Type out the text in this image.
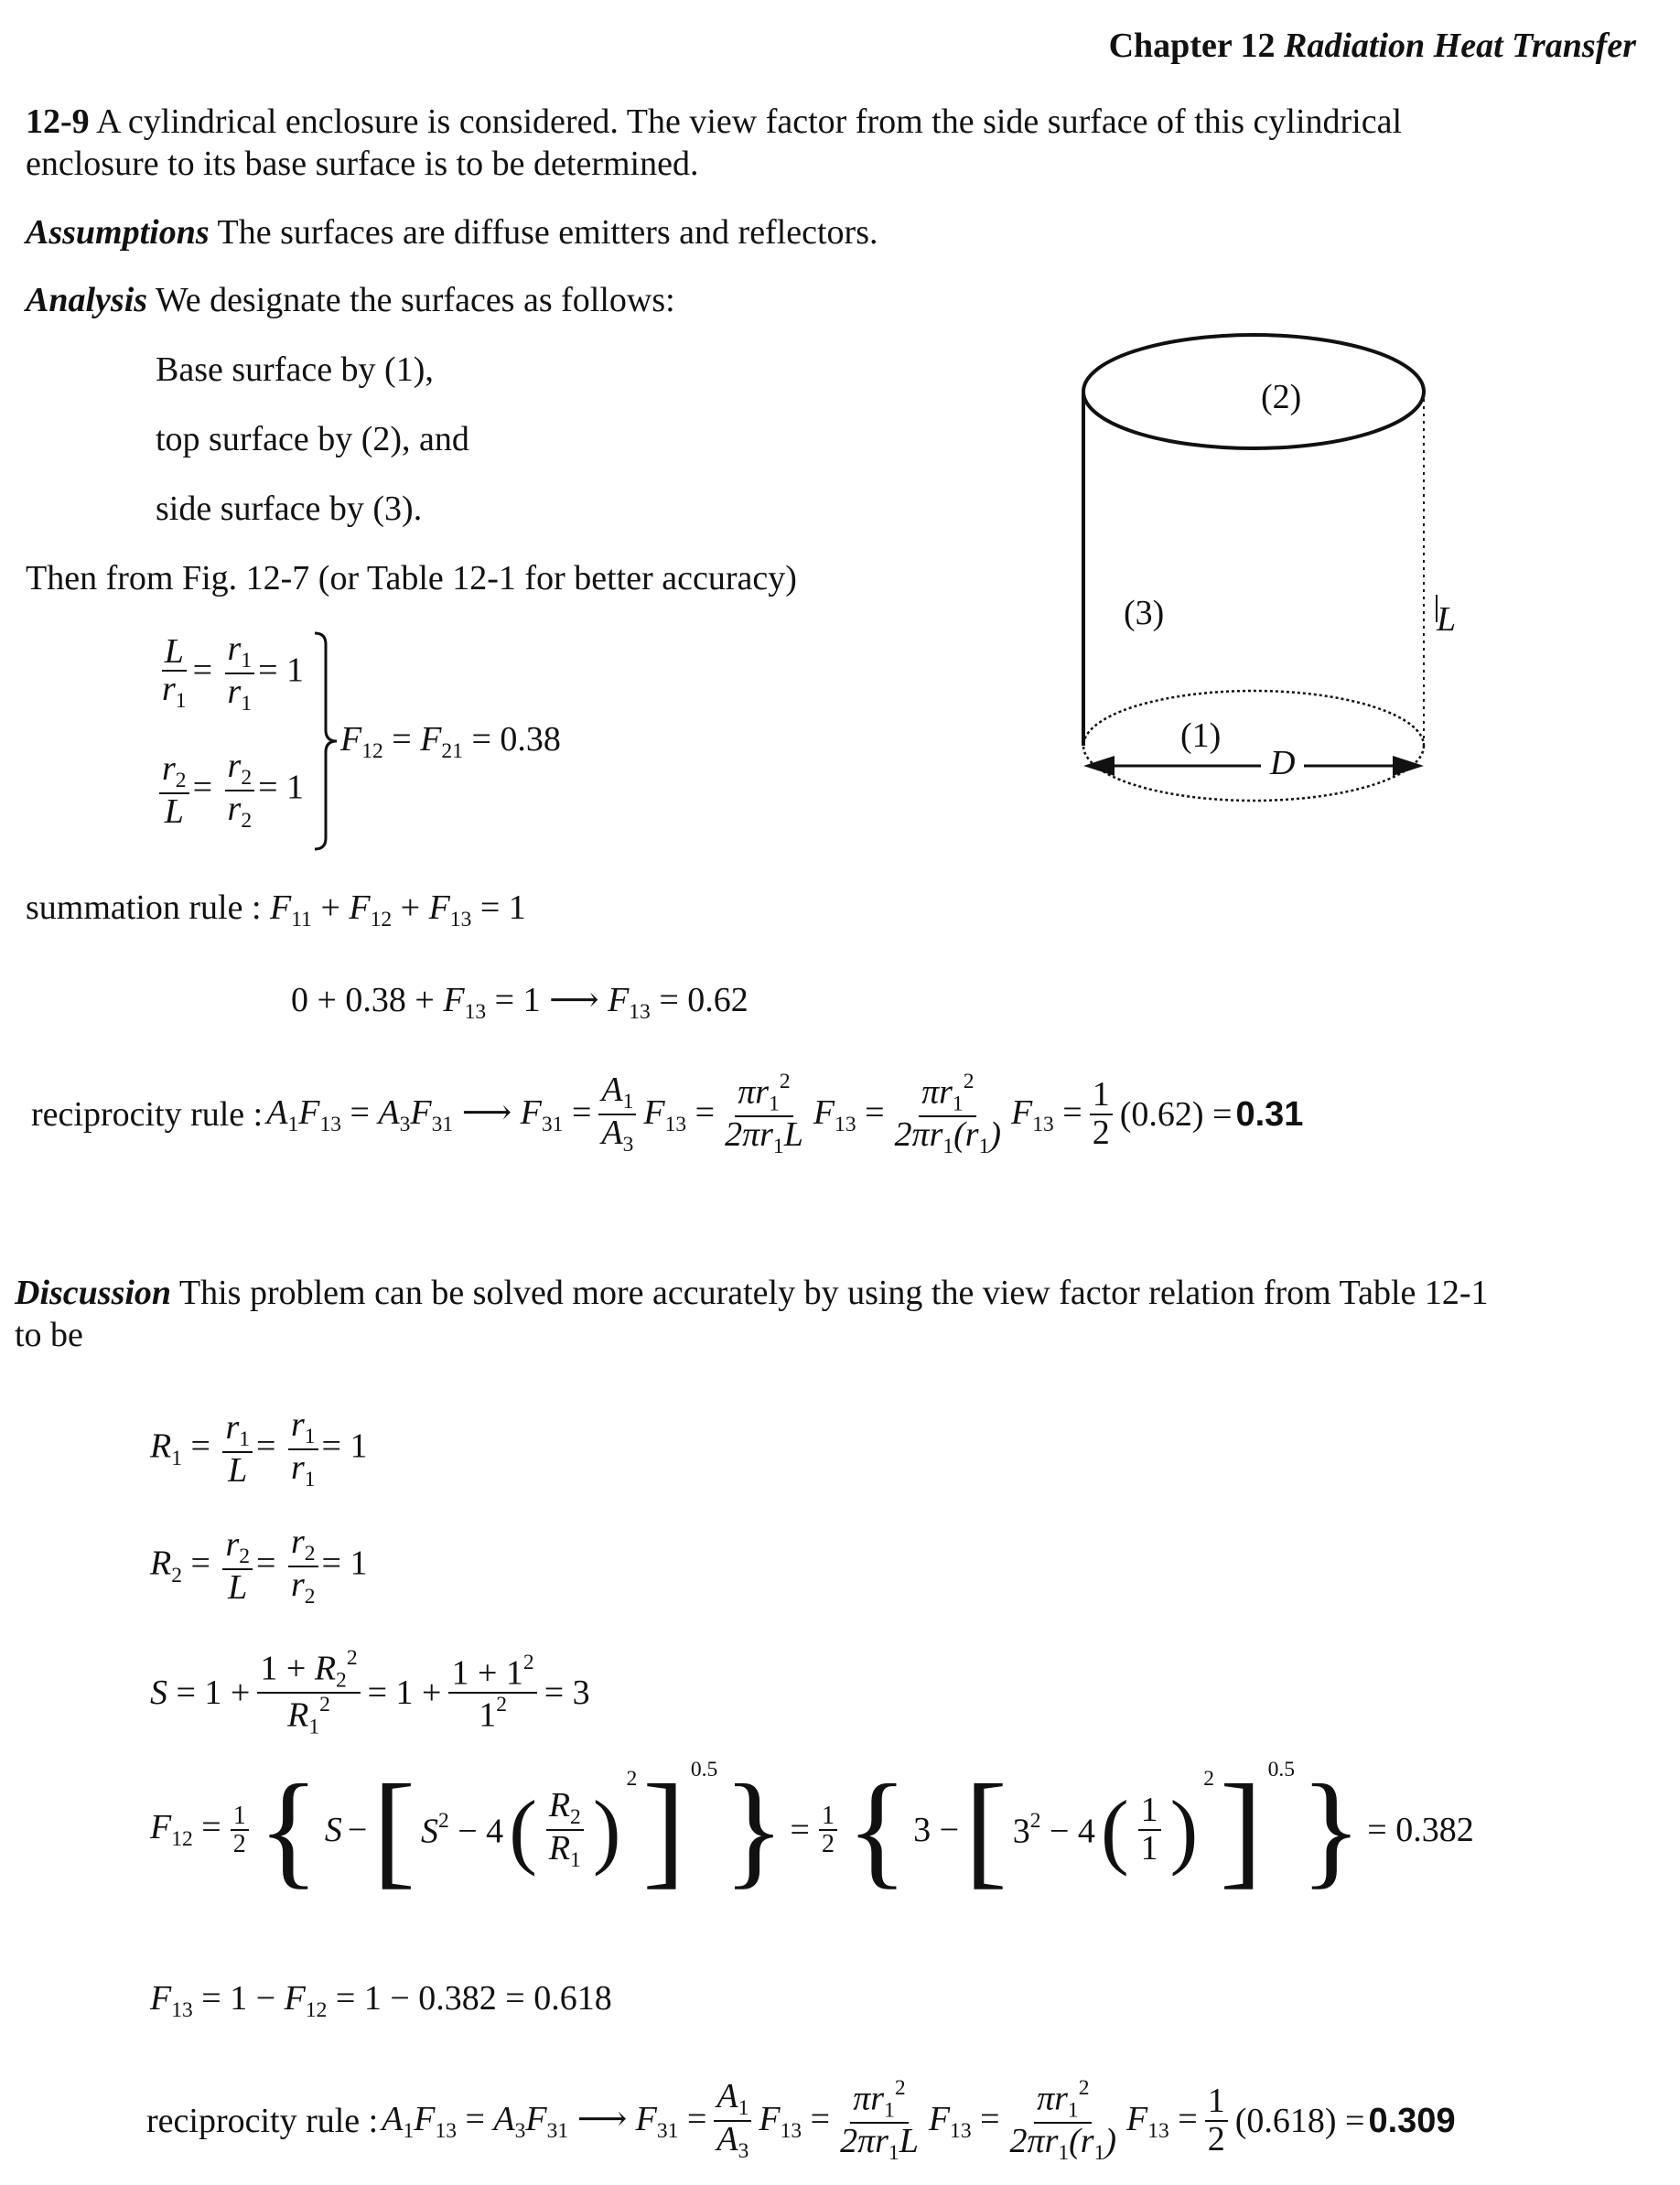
Chapter 12 Radiation Heat Transfer
12-9 A cylindrical enclosure is considered. The view factor from the side surface of this cylindrical
enclosure to its base surface is to be determined.
Assumptions The surfaces are diffuse emitters and reflectors.
Analysis We designate the surfaces as follows:
Base surface by (1),
top surface by (2), and
side surface by (3).
Then from Fig. 12-7 (or Table 12-1 for better accuracy)
(2)
(3)	L
(1)
D
$\frac{L}{r_1} = \frac{r_1}{r_1} = 1$
$\frac{r_2}{L} = \frac{r_2}{r_2} = 1$
$F_{12} = F_{21} = 0.38$
summation rule : $F_{11} + F_{12} + F_{13} = 1$
$0 + 0.38 + F_{13} = 1$ ⟶ $F_{13} = 0.62$
reciprocity rule : $A_1F_{13} = A_3F_{31}$ ⟶ $F_{31} = \frac{A_1}{A_3} F_{13} = \frac{\pi r_1^2}{2\pi r_1L} F_{13} = \frac{\pi r_1^2}{2\pi r_1(r_1)} F_{13} = \frac{1}{2} (0.62) = 0.31$
Discussion This problem can be solved more accurately by using the view factor relation from Table 12-1
to be
$R_1 = \frac{r_1}{L} = \frac{r_1}{r_1} = 1$
$R_2 = \frac{r_2}{L} = \frac{r_2}{r_2} = 1$
$S = 1 + \frac{1 + R_2^2}{R_1^2} = 1 + \frac{1 + 1^2}{1^2} = 3$
$F_{12} = \frac{1}{2}$ { S − [ $S^2 - 4$ ( $\frac{R_2}{R_1}$ )
$^2$ ] $^{0.5}$ } = $\frac{1}{2}$ { 3 − [ $3^2 - 4$ ( $\frac{1}{1}$ )
$^2$ ] $^{0.5}$ } = 0.382
$F_{13} = 1 - F_{12} = 1 - 0.382 = 0.618$
reciprocity rule : $A_1F_{13} = A_3F_{31}$ ⟶ $F_{31} = \frac{A_1}{A_3} F_{13} = \frac{\pi r_1^2}{2\pi r_1L} F_{13} = \frac{\pi r_1^2}{2\pi r_1(r_1)} F_{13} = \frac{1}{2} (0.618) = 0.309$
